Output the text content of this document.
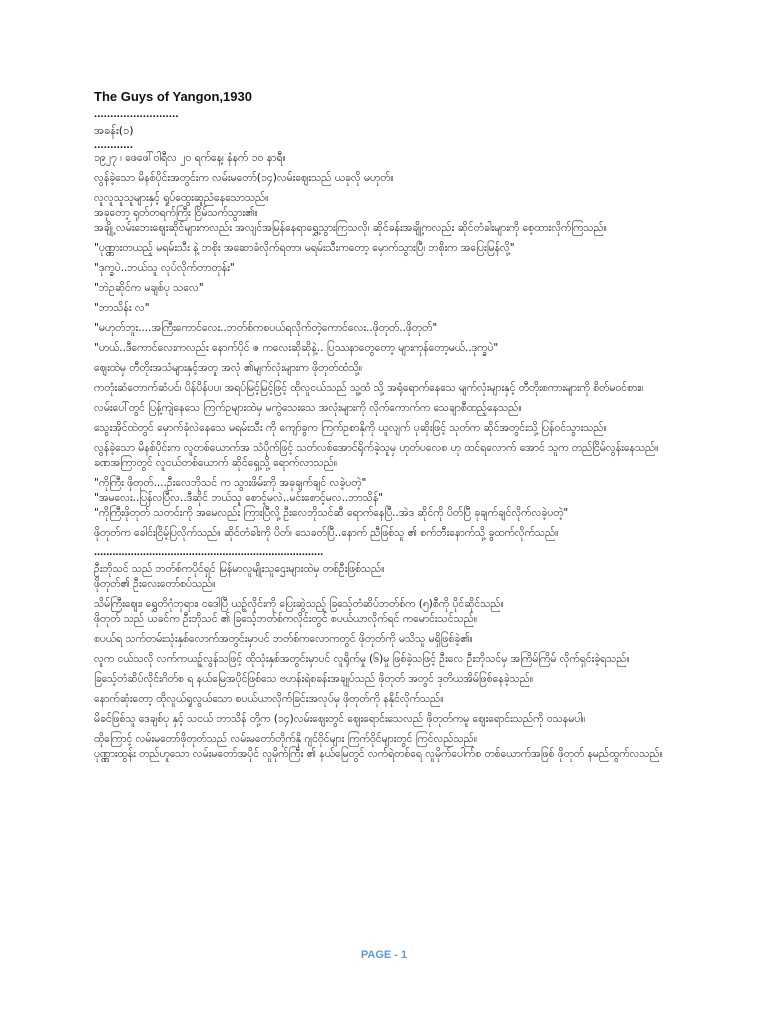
The Guys of Yangon,1930
..........................
အခန်း(၁)
............
၁၉၂၇ ၊ ဖေဖေါ်ဝါရီလ ၂၀ ရက်နေ့၊ နံနက် ၁၀ နာရီ။
လွန်ခဲ့သော မိနစ်ပိုင်းအတွင်းက လမ်းမတော်(၁၄)လမ်းဈေးသည် ယခုလို မဟုတ်။
လူလူသူသူများနှင့် ရှုပ်ထွေးဆူညံနေသောသည်။
အခုတော့ ရုတ်တရက်ကြီး ငြိမ်သက်သွား၏။
အချို့ လမ်းဘေးဈေးဆိုင်များကလည်း အလျင်အမြန်နေရာရွှေ့သွားကြသလို၊ ဆိုင်ခန်းအချို့ကလည်း ဆိုင်တံခါးများကို စေ့ထားလိုက်ကြသည်။
"ပုဏ္ဏားတယည့် မရမ်းသီး နဲ့ ဘစိုး အဆောခံလိုက်ရတာ၊ မရမ်းသီးကတော့ မှောက်သွားပြီ၊ ဘစိုးက အပြေးမြန်လို့"
"ဒုက္ခပဲ..ဘယ်သူ လုပ်လိုက်တာတုန်း"
"ဘဲဥဆိုင်က မချစ်ပု သလေ"
"ဘာသိန်း လ"
"မဟုတ်ဘူး....အကြီးကောင်လေး..ဘတ်စ်ကစပယ်ရလိုက်တဲ့ကောင်လေး..ဖိုတုတ်..ဖိုတုတ်"
"ဟယ်..ဒီကောင်လေးကလည်း နောက်ပိုင် ဇ ကလေးဆိုဆိုနဲ့.. ပြဿနာတွေတော့ များကုန်တော့မယ်..ဒုက္ခပဲ"
ဈေးထဲမှ တီတိုးအသံများနှင့်အတူ အလုံ ၏မျက်လုံးများက ဖိုတုတ်ထံသို့။
ကတုံးဆံတောက်ဆံပင်၊ ပိန်ပိန်ပပ၊ အရပ်မြင့်မြင့်ဖြင့် ထိုလူငယ်သည် သူ့ထံ သို့ အရုံရောက်နေသေ မျက်လုံးများနှင့် တီတိုးစကားများကို စိတ်မဝင်စား။
လမ်းပေါ်တွင် ပြန့်ကျဲနေသေ ကြက်ဥများထဲမှ မကွဲသေးသေ အလုံးများကို လိုက်ကောက်က သေချာစီထည့်နေသည်။
သွေးအိုင်ထဲတွင် မှောက်ခုံလဲနေသေ မရမ်းသီး ကို ကျော်ခွက ကြက်ဥစာနိုကို ယူလျက် ပုဆိုးဖြင့် သုတ်က ဆိုင်အတွင်းသို့ ပြန်ဝင်သွားသည်။
လွန်ခဲ့သော မိနစ်ပိုင်းက လူတစ်ယောက်အ သံပိုက်ဖြင့် သတ်လစ်အောင်ရိုက်ခဲ့သူမှ ဟုတ်ပလေစ ဟု ထင်ရလောက် အောင် သူက တည်ငြိမ်လွန်းနေသည်။
ခဏအကြာတွင် လူငယ်တစ်ယောက် ဆိုင်ရှေ့သို့ ရောက်လာသည်။
"ကိုကြီး ဖိုတုတ်....ဦးလေဘိုသင် က သွားဖိမ်းကို အခုချက်ချင် လခဲ့ပတဲ့"
"အမလေး..ပြန်လပြီလ..ဒီဆိုင် ဘယ်သူ စောင့်မလဲ..မင်းစောင့်မလ..ဘာသိန်"
"ကိုကြီးဖိုတုတ် သတင်းကို အမေလည်း ကြားပြီလို့ ဦးလေဘိုသင်ဆီ ရောက်နေပြီ..အဲဒ ဆိုင်ကို ပိတ်ပြီ ခုချက်ချင်လိုက်လခဲ့ပတဲ့"
ဖိုတုတ်က ခေါင်းငြိမ့်ပြလိုက်သည်။ ဆိုင်တံခါးကို ပိတ်၊ သေခတ်ပြီ..နောက် ညီဖြစ်သူ ၏ စက်ဘီးနောက်သို့ ခွထက်လိုက်သည်။
...........................................................................
ဦးဘိုသင် သည် ဘတ်စ်ကပိုင်ရှင် မြန်မာလူမျိုးသူဌေးများထဲမှ တစ်ဦးဖြစ်သည်။
ဖိုတုတ်၏ ဦးလေးတော်စပ်သည်။
သိမ်ကြီးဈေး၊ ရွှေတိဂုံဘုရား၊ ငဒေါပြီ ယဉ့်လိုင်းကို ပြေးဆွဲသည့် ခြသေ့်တံဆိပ်ဘတ်စ်က (၅)စီကို ပိုင်ဆိုင်သည်။
ဖိုတုတ် သည် ယခင်က ဦးဘိုသင် ၏ ခြသေ့်ဘတ်စ်ကလိုင်းတွင် စပယ်ယာလိုက်ရင် ကမောင်းသင်သည်။
စပယ်ရ သက်တမ်းသုံးနှစ်လောက်အတွင်းမှာပင် ဘတ်စ်ကလောကတွင် ဖိုတုတ်ကို မသိသူ မရှိဖြစ်ခဲ့၏။
လူက ငယ်သလို လက်ကယဉ့်လွန်သဖြင့် ထိုသုံးနှစ်အတွင်းမှာပင် လူရိုက်မှု (၆)မှု ဖြစ်ခဲ့သဖြင့် ဦးလေ ဦးဘိုသင်မှ အကြိမ်ကြိမ် လိုက်ရှင်းခဲ့ရသည်။
ခြသေ့်တံဆိပ်လိုင်းဂိတ်စ ရ နယ်မြေအပိုင်ဖြစ်သေ ဗဟန်းရဲစခန်းအချုပ်သည် ဖိုတုတ် အတွင် ဒုတိယအိမ်ဖြစ်နေခဲ့သည်။
နောက်ဆုံးတော့ ထိုလူယ်ရှုလွယ်သော စပယ်ယာလိုက်ခြင်းအလုပ်မှ ဖိုတုတ်ကို နနိုင်လိုက်သည်။
မိခင်ဖြစ်သူ ဒေချစ်ပု နှင့် သငယ် ဘာသိန် တို့က (၁၄)လမ်းဈေးတွင် ဈေးရောင်းသေလည် ဖိုတုတ်ကမူ ဈေးရောင်းသည်ကို ဝသနမပါ။
ထိုကြောင့် လမ်းမတော်ဖိုတုတ်သည် လမ်းမတော်တိုက်နို ဂျင်ဝိုင်များ ကြက်ဝိုင်များတွင် ကြင်လည်သည်။
ပုဏ္ဏားထွန်း တည်ဟူသော လမ်းမတော်အပိုင် လူမိုက်ကြီး ၏ နယ်မြေတွင် လက်ရဲတစ်ရေ လူမိုက်ပေါက်စ တစ်ယောက်အဖြစ် ဖိုတုတ် နမည်ထွက်လသည်။
PAGE - 1
